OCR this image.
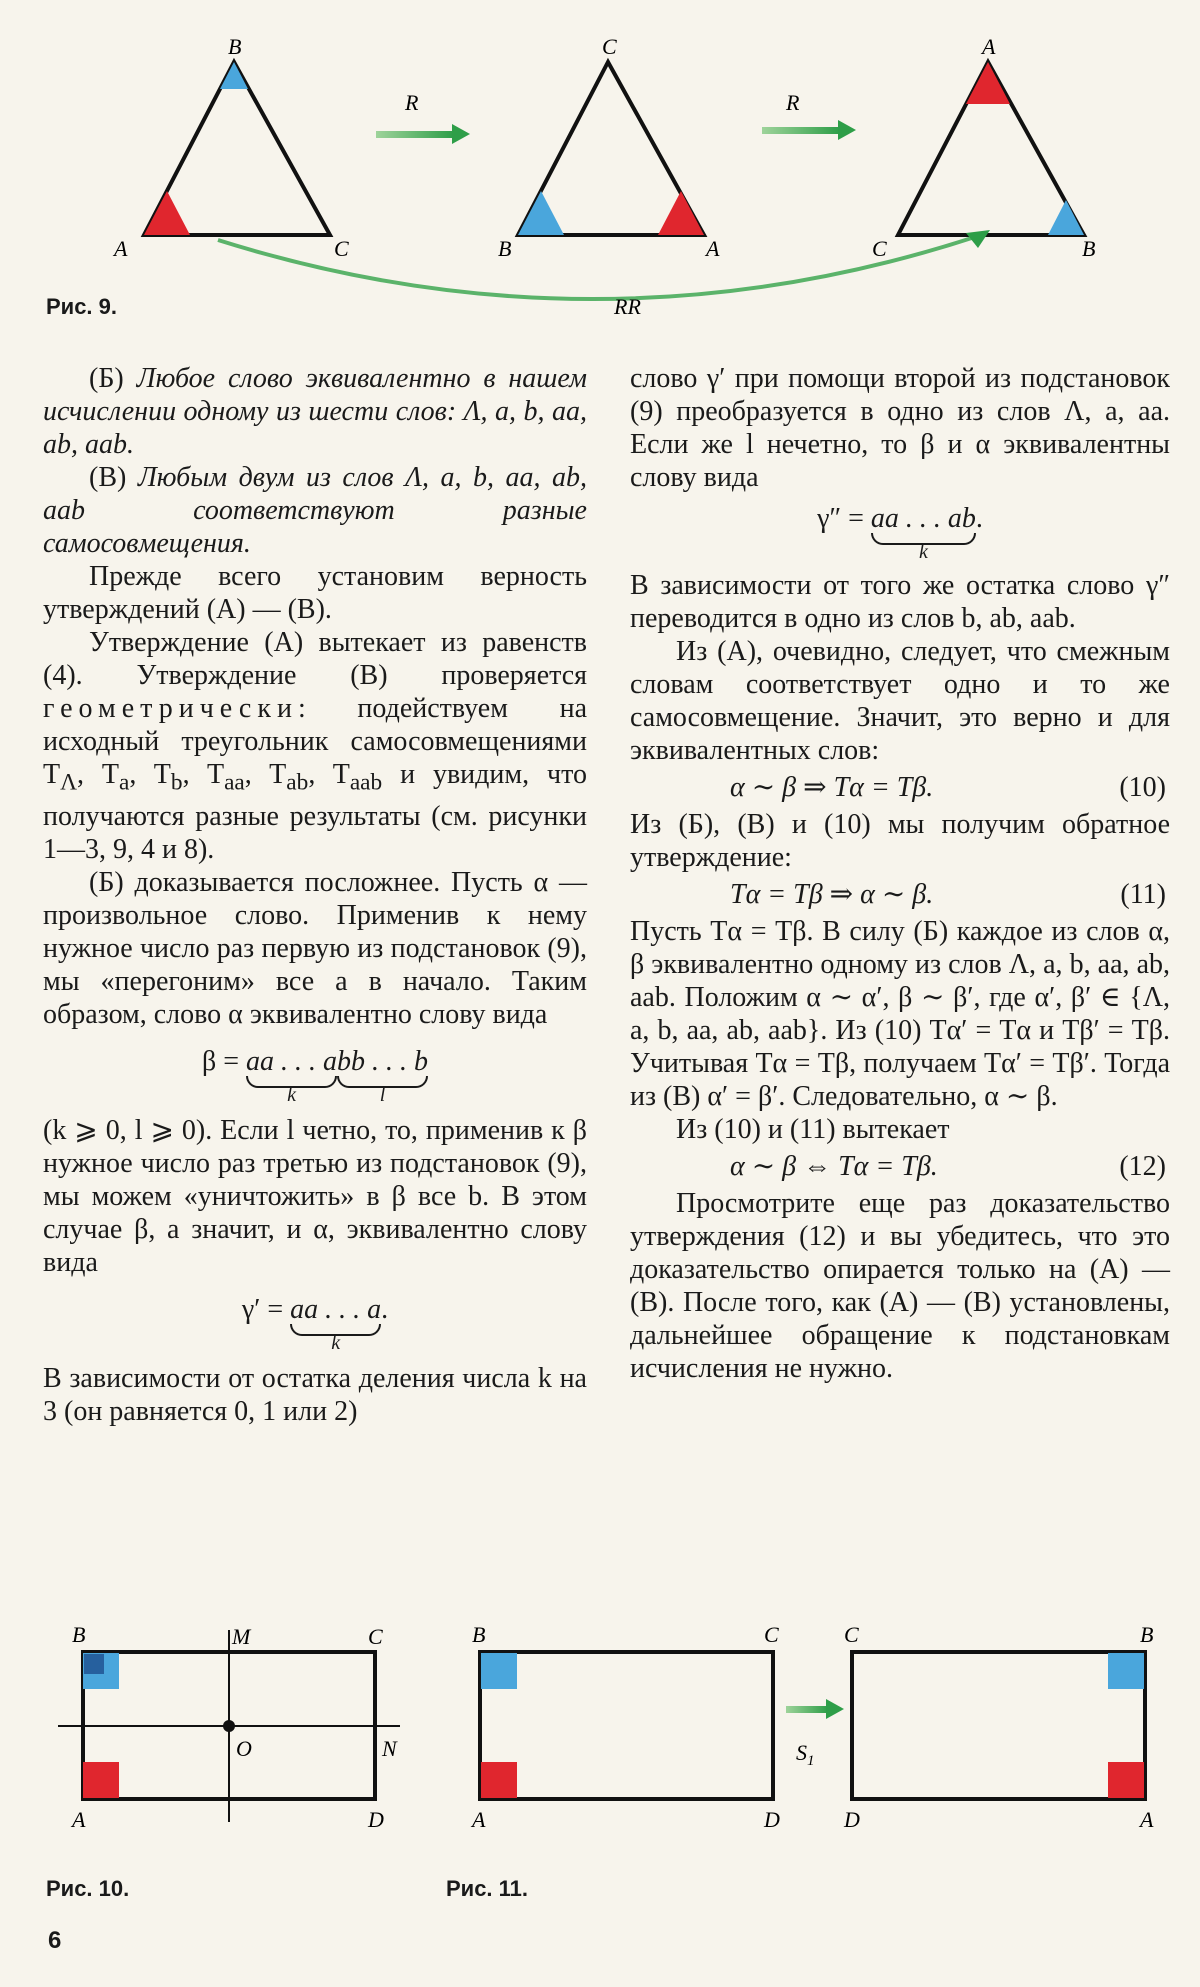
B
A	C
R
C
B	A
R
A
C	B
RR
Рис. 9.

(Б) Любое слово эквивалентно в нашем исчислении одному из шести слов: Λ, a, b, aa, ab, aab.

(В) Любым двум из слов Λ, a, b, aa, ab, aab соответствуют разные самосовмещения.

Прежде всего установим верность утверждений (А) — (В).

Утверждение (А) вытекает из равенств (4). Утверждение (В) проверяется геометрически: подействуем на исходный треугольник самосовмещениями $T_\Lambda$, $T_a$, $T_b$, $T_{aa}$, $T_{ab}$, $T_{aab}$ и увидим, что получаются разные результаты (см. рисунки 1—3, 9, 4 и 8).

(Б) доказывается посложнее. Пусть α — произвольное слово. Применив к нему нужное число раз первую из подстановок (9), мы «перегоним» все a в начало. Таким образом, слово α эквивалентно слову вида

β = aa . . . a
k
bb . . . b
l

(k ⩾ 0, l ⩾ 0). Если l четно, то, применив к β нужное число раз третью из подстановок (9), мы можем «уничтожить» в β все b. В этом случае β, а значит, и α, эквивалентно слову вида

γ′ = aa . . . a
k
.

В зависимости от остатка деления числа k на 3 (он равняется 0, 1 или 2)

слово γ′ при помощи второй из подстановок (9) преобразуется в одно из слов Λ, a, aa. Если же l нечетно, то β и α эквивалентны слову вида

γ″ = aa . . . ab
k
.

В зависимости от того же остатка слово γ″ переводится в одно из слов b, ab, aab.

Из (А), очевидно, следует, что смежным словам соответствует одно и то же самосовмещение. Значит, это верно и для эквивалентных слов:

α ∼ β ⇒ Tα = Tβ.	(10)

Из (Б), (В) и (10) мы получим обратное утверждение:

Tα = Tβ ⇒ α ∼ β.	(11)

Пусть Tα = Tβ. В силу (Б) каждое из слов α, β эквивалентно одному из слов Λ, a, b, aa, ab, aab. Положим α ∼ α′, β ∼ β′, где α′, β′ ∈ {Λ, a, b, aa, ab, aab}. Из (10) Tα′ = Tα и Tβ′ = Tβ. Учитывая Tα = Tβ, получаем Tα′ = Tβ′. Тогда из (В) α′ = β′. Следовательно, α ∼ β.

Из (10) и (11) вытекает

α ∼ β ⇔ Tα = Tβ.	(12)

Просмотрите еще раз доказательство утверждения (12) и вы убедитесь, что это доказательство опирается только на (А) — (В). После того, как (А) — (В) установлены, дальнейшее обращение к подстановкам исчисления не нужно.

B	M	C
O	N
A	D
Рис. 10.
B	C
A	D
$S_1$
C	B
D	A
Рис. 11.
6
